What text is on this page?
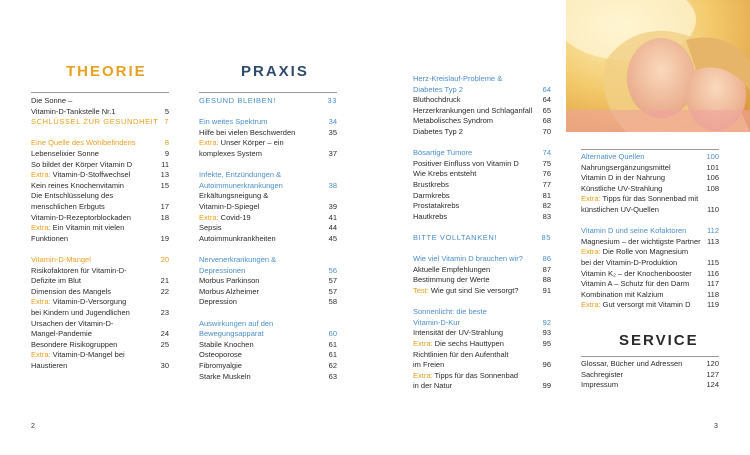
THEORIE	PRAXIS
SERVICE
Die Sonne –
Vitamin-D-Tankstelle Nr.1	5
SCHLÜSSEL ZUR GESUNDHEIT 7
Eine Quelle des Wohlbefindens	8
Lebenselixier Sonne	9
So bildet der Körper Vitamin D	11
Extra: Vitamin-D-Stoffwechsel	13
Kein reines Knochenvitamin	15
Die Entschlüsselung des
menschlichen Erbguts	17
Vitamin-D-Rezeptorblockaden	18
Extra: Ein Vitamin mit vielen
Funktionen	19
Vitamin-D-Mangel	20
Risikofaktoren für Vitamin-D-
Defizite im Blut	21
Dimension des Mangels	22
Extra: Vitamin-D-Versorgung
bei Kindern und Jugendlichen	23
Ursachen der Vitamin-D-
Mangel-Pandemie	24
Besondere Risikogruppen	25
Extra: Vitamin-D-Mangel bei
Haustieren	30
GESUND BLEIBEN!	33
Ein weites Spektrum	34
Hilfe bei vielen Beschwerden	35
Extra: Unser Körper – ein
komplexes System	37
Infekte, Entzündungen &
Autoimmunerkrankungen	38
Erkältungsneigung &
Vitamin-D-Spiegel	39
Extra: Covid-19	41
Sepsis	44
Autoimmunkrankheiten	45
Nervenerkrankungen &
Depressionen	56
Morbus Parkinson	57
Morbus Alzheimer	57
Depression	58
Auswirkungen auf den
Bewegungsapparat	60
Stabile Knochen	61
Osteoporose	61
Fibromyalgie	62
Starke Muskeln	63
Herz-Kreislauf-Probleme &
Diabetes Typ 2	64
Bluthochdruck	64
Herzerkrankungen und Schlaganfall 65
Metabolisches Syndrom	68
Diabetes Typ 2	70
Bösartige Tumore	74
Positiver Einfluss von Vitamin D	75
Wie Krebs entsteht	76
Brustkrebs	77
Darmkrebs	81
Prostatakrebs	82
Hautkrebs	83
BITTE VOLLTANKEN!	85
Wie viel Vitamin D brauchen wir?	86
Aktuelle Empfehlungen	87
Bestimmung der Werte	88
Test: Wie gut sind Sie versorgt?	91
Sonnenlicht: die beste
Vitamin-D-Kur	92
Intensität der UV-Strahlung	93
Extra: Die sechs Hauttypen	95
Richtlinien für den Aufenthalt
im Freien	96
Extra: Tipps für das Sonnenbad
in der Natur	99
Alternative Quellen	100
Nahrungsergänzungsmittel	101
Vitamin D in der Nahrung	106
Künstliche UV-Strahlung	108
Extra: Tipps für das Sonnenbad mit
künstlichen UV-Quellen	110
Vitamin D und seine Kofaktoren	112
Magnesium – der wichtigste Partner 113
Extra: Die Rolle von Magnesium
bei der Vitamin-D-Produktion	115
Vitamin K₂ – der Knochenbooster 116
Vitamin A – Schutz für den Darm 117
Kombination mit Kalzium	118
Extra: Gut versorgt mit Vitamin D 119
Glossar, Bücher und Adressen	120
Sachregister	127
Impressum	124
2	3
